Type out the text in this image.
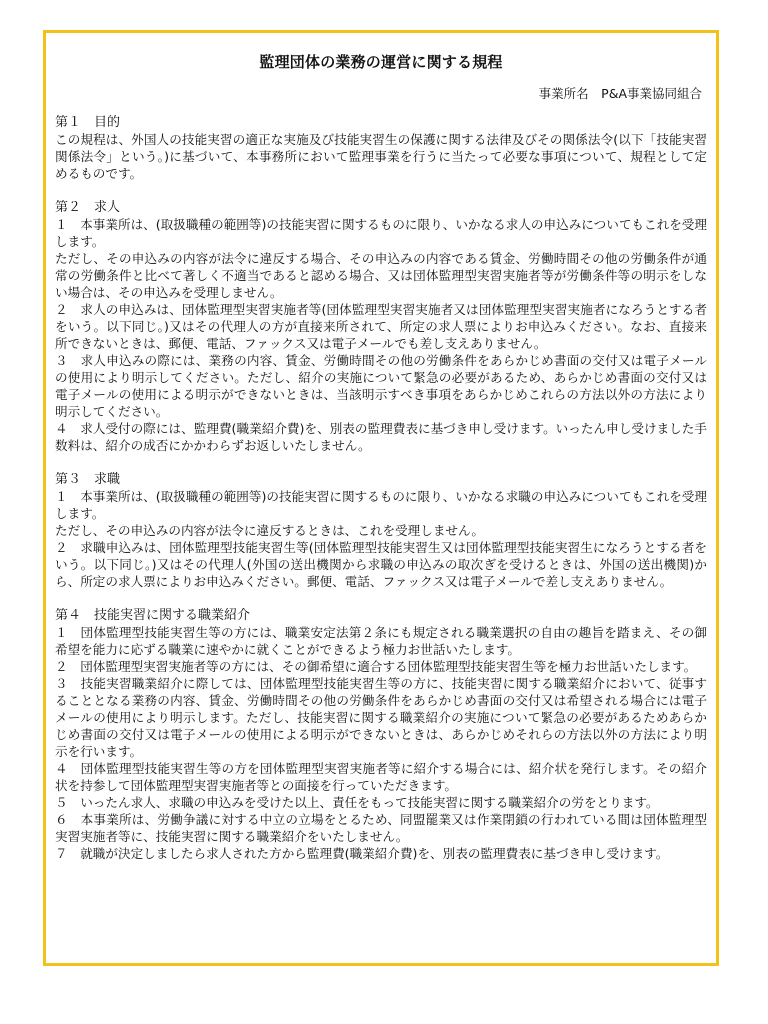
監理団体の業務の運営に関する規程
事業所名　P&A事業協同組合
第１　目的

この規程は、外国人の技能実習の適正な実施及び技能実習生の保護に関する法律及びその関係法令(以下「技能実習関係法令」という。)に基づいて、本事務所において監理事業を行うに当たって必要な事項について、規程として定めるものです。

第２　求人

１　本事業所は、(取扱職種の範囲等)の技能実習に関するものに限り、いかなる求人の申込みについてもこれを受理します。

ただし、その申込みの内容が法令に違反する場合、その申込みの内容である賃金、労働時間その他の労働条件が通常の労働条件と比べて著しく不適当であると認める場合、又は団体監理型実習実施者等が労働条件等の明示をしない場合は、その申込みを受理しません。

２　求人の申込みは、団体監理型実習実施者等(団体監理型実習実施者又は団体監理型実習実施者になろうとする者をいう。以下同じ。)又はその代理人の方が直接来所されて、所定の求人票によりお申込みください。なお、直接来所できないときは、郵便、電話、ファックス又は電子メールでも差し支えありません。

３　求人申込みの際には、業務の内容、賃金、労働時間その他の労働条件をあらかじめ書面の交付又は電子メールの使用により明示してください。ただし、紹介の実施について緊急の必要があるため、あらかじめ書面の交付又は電子メールの使用による明示ができないときは、当該明示すべき事項をあらかじめこれらの方法以外の方法により明示してください。

４　求人受付の際には、監理費(職業紹介費)を、別表の監理費表に基づき申し受けます。いったん申し受けました手数料は、紹介の成否にかかわらずお返しいたしません。

第３　求職

１　本事業所は、(取扱職種の範囲等)の技能実習に関するものに限り、いかなる求職の申込みについてもこれを受理します。

ただし、その申込みの内容が法令に違反するときは、これを受理しません。

２　求職申込みは、団体監理型技能実習生等(団体監理型技能実習生又は団体監理型技能実習生になろうとする者をいう。以下同じ。)又はその代理人(外国の送出機関から求職の申込みの取次ぎを受けるときは、外国の送出機関)から、所定の求人票によりお申込みください。郵便、電話、ファックス又は電子メールで差し支えありません。

第４　技能実習に関する職業紹介

１　団体監理型技能実習生等の方には、職業安定法第２条にも規定される職業選択の自由の趣旨を踏まえ、その御希望を能力に応ずる職業に速やかに就くことができるよう極力お世話いたします。

２　団体監理型実習実施者等の方には、その御希望に適合する団体監理型技能実習生等を極力お世話いたします。

３　技能実習職業紹介に際しては、団体監理型技能実習生等の方に、技能実習に関する職業紹介において、従事することとなる業務の内容、賃金、労働時間その他の労働条件をあらかじめ書面の交付又は希望される場合には電子メールの使用により明示します。ただし、技能実習に関する職業紹介の実施について緊急の必要があるためあらかじめ書面の交付又は電子メールの使用による明示ができないときは、あらかじめそれらの方法以外の方法により明示を行います。

４　団体監理型技能実習生等の方を団体監理型実習実施者等に紹介する場合には、紹介状を発行します。その紹介状を持参して団体監理型実習実施者等との面接を行っていただきます。

５　いったん求人、求職の申込みを受けた以上、責任をもって技能実習に関する職業紹介の労をとります。

６　本事業所は、労働争議に対する中立の立場をとるため、同盟罷業又は作業閉鎖の行われている間は団体監理型実習実施者等に、技能実習に関する職業紹介をいたしません。

７　就職が決定しましたら求人された方から監理費(職業紹介費)を、別表の監理費表に基づき申し受けます。
